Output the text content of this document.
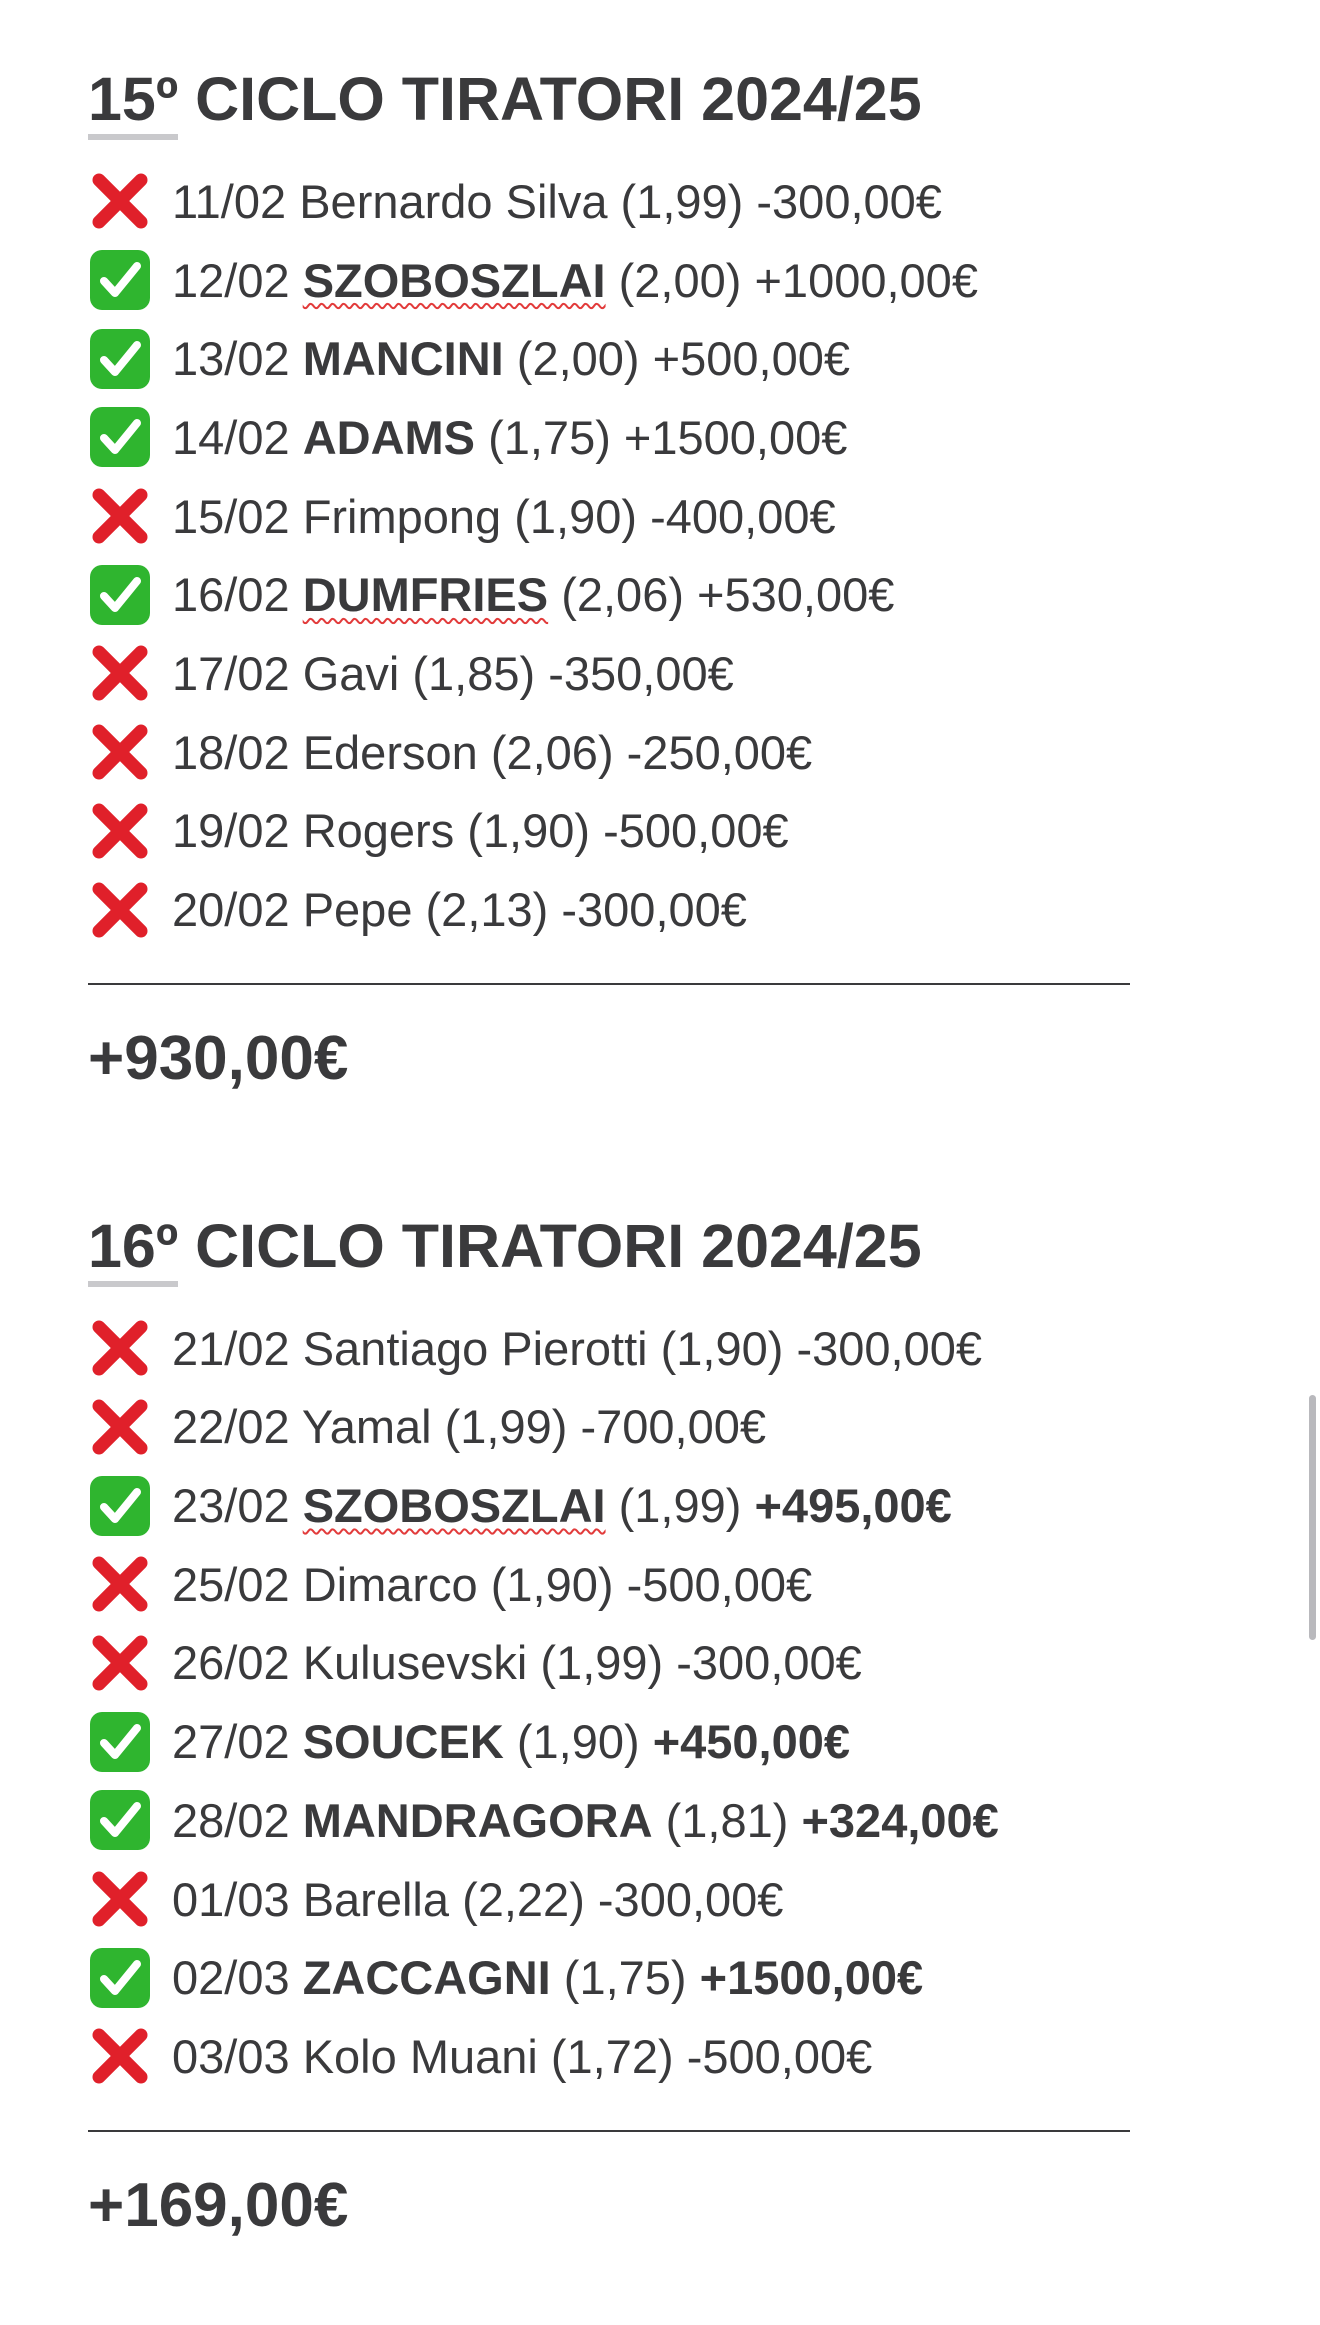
15º CICLO TIRATORI 2024/25
11/02 Bernardo Silva (1,99) -300,00€
12/02 SZOBOSZLAI (2,00) +1000,00€
13/02 MANCINI (2,00) +500,00€
14/02 ADAMS (1,75) +1500,00€
15/02 Frimpong (1,90) -400,00€
16/02 DUMFRIES (2,06) +530,00€
17/02 Gavi (1,85) -350,00€
18/02 Ederson (2,06) -250,00€
19/02 Rogers (1,90) -500,00€
20/02 Pepe (2,13) -300,00€
+930,00€
16º CICLO TIRATORI 2024/25
21/02 Santiago Pierotti (1,90) -300,00€
22/02 Yamal (1,99) -700,00€
23/02 SZOBOSZLAI (1,99) +495,00€
25/02 Dimarco (1,90) -500,00€
26/02 Kulusevski (1,99) -300,00€
27/02 SOUCEK (1,90) +450,00€
28/02 MANDRAGORA (1,81) +324,00€
01/03 Barella (2,22) -300,00€
02/03 ZACCAGNI (1,75) +1500,00€
03/03 Kolo Muani (1,72) -500,00€
+169,00€
